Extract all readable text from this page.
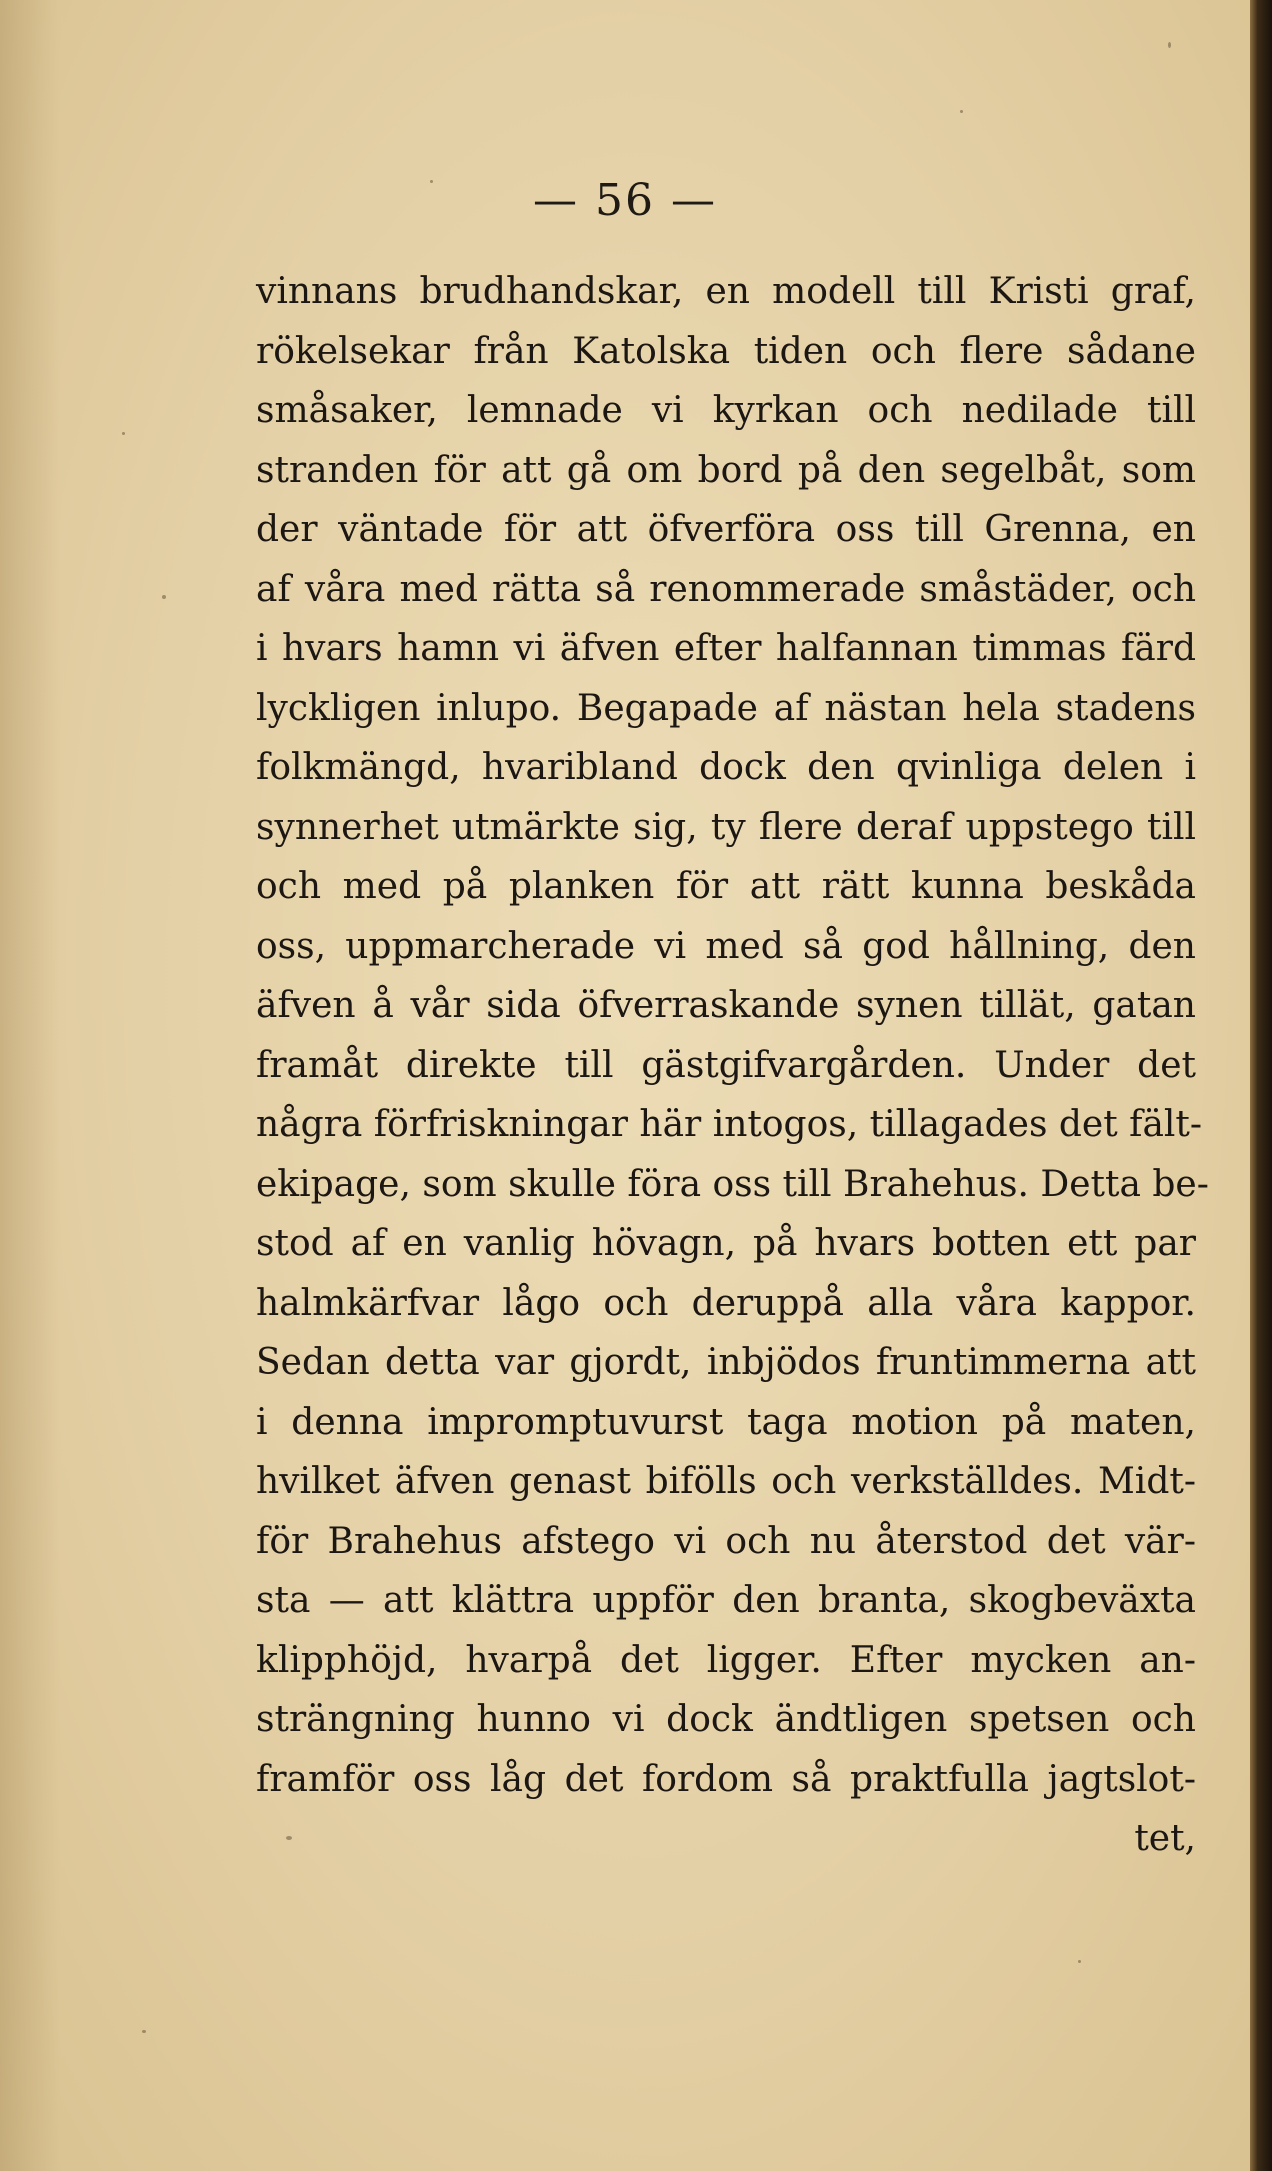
— 56 —
vinnans brudhandskar, en modell till Kristi graf,
rökelsekar från Katolska tiden och flere sådane
småsaker, lemnade vi kyrkan och nedilade till
stranden för att gå om bord på den segelbåt, som
der väntade för att öfverföra oss till Grenna, en
af våra med rätta så renommerade småstäder, och
i hvars hamn vi äfven efter halfannan timmas färd
lyckligen inlupo. Begapade af nästan hela stadens
folkmängd, hvaribland dock den qvinliga delen i
synnerhet utmärkte sig, ty flere deraf uppstego till
och med på planken för att rätt kunna beskåda
oss, uppmarcherade vi med så god hållning, den
äfven å vår sida öfverraskande synen tillät, gatan
framåt direkte till gästgifvargården. Under det
några förfriskningar här intogos, tillagades det fält-
ekipage, som skulle föra oss till Brahehus. Detta be-
stod af en vanlig hövagn, på hvars botten ett par
halmkärfvar lågo och deruppå alla våra kappor.
Sedan detta var gjordt, inbjödos fruntimmerna att
i denna impromptuvurst taga motion på maten,
hvilket äfven genast bifölls och verkställdes. Midt-
för Brahehus afstego vi och nu återstod det vär-
sta — att klättra uppför den branta, skogbeväxta
klipphöjd, hvarpå det ligger. Efter mycken an-
strängning hunno vi dock ändtligen spetsen och
framför oss låg det fordom så praktfulla jagtslot-
tet,
